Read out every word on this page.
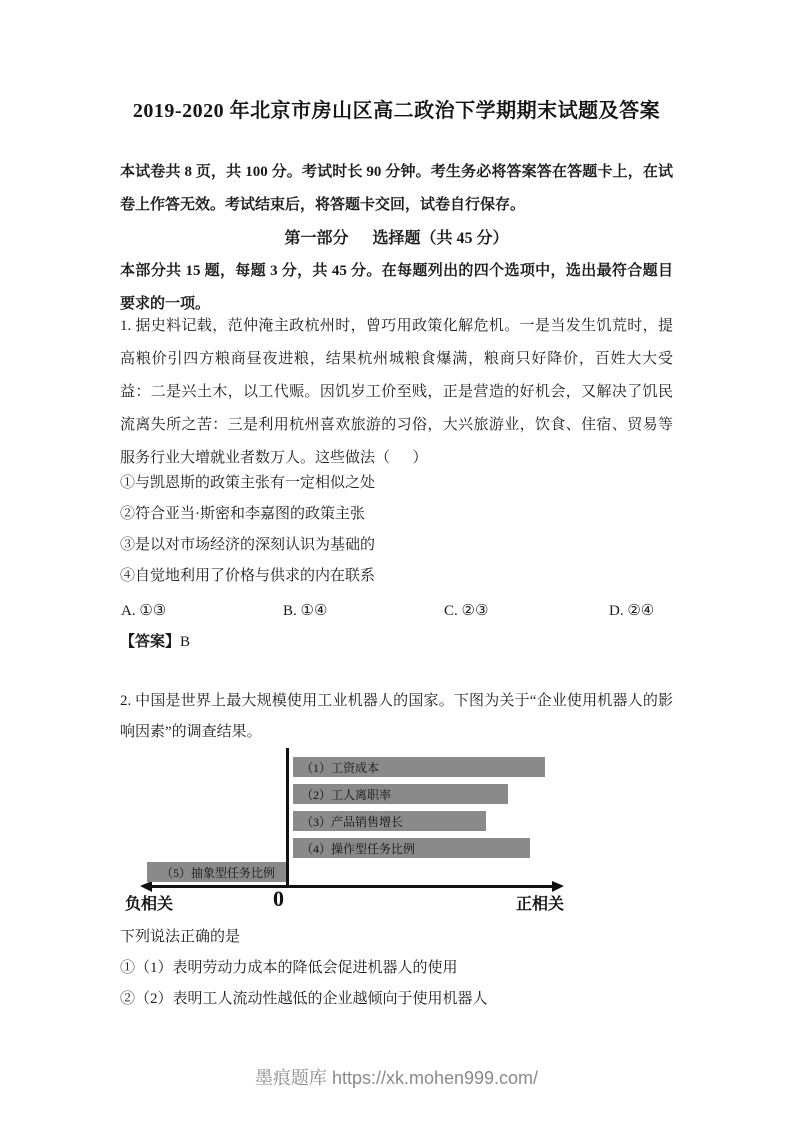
2019-2020 年北京市房山区高二政治下学期期末试题及答案
本试卷共 8 页，共 100 分。考试时长 90 分钟。考生务必将答案答在答题卡上，在试卷上作答无效。考试结束后，将答题卡交回，试卷自行保存。
第一部分      选择题（共 45 分）
本部分共 15 题，每题 3 分，共 45 分。在每题列出的四个选项中，选出最符合题目要求的一项。
1. 据史料记载，范仲淹主政杭州时，曾巧用政策化解危机。一是当发生饥荒时，提高粮价引四方粮商昼夜进粮，结果杭州城粮食爆满，粮商只好降价，百姓大大受益：二是兴土木，以工代赈。因饥岁工价至贱，正是营造的好机会，又解决了饥民流离失所之苦：三是利用杭州喜欢旅游的习俗，大兴旅游业，饮食、住宿、贸易等服务行业大增就业者数万人。这些做法（      ）
①与凯恩斯的政策主张有一定相似之处
②符合亚当·斯密和李嘉图的政策主张
③是以对市场经济的深刻认识为基础的
④自觉地利用了价格与供求的内在联系
A. ①③	B. ①④	C. ②③	D. ②④
【答案】B
2. 中国是世界上最大规模使用工业机器人的国家。下图为关于“企业使用机器人的影响因素”的调查结果。
（1）工资成本
（2）工人离职率
（3）产品销售增长
（4）操作型任务比例
（5）抽象型任务比例
负相关	0	正相关
下列说法正确的是
①（1）表明劳动力成本的降低会促进机器人的使用
②（2）表明工人流动性越低的企业越倾向于使用机器人
墨痕题库 https://xk.mohen999.com/
